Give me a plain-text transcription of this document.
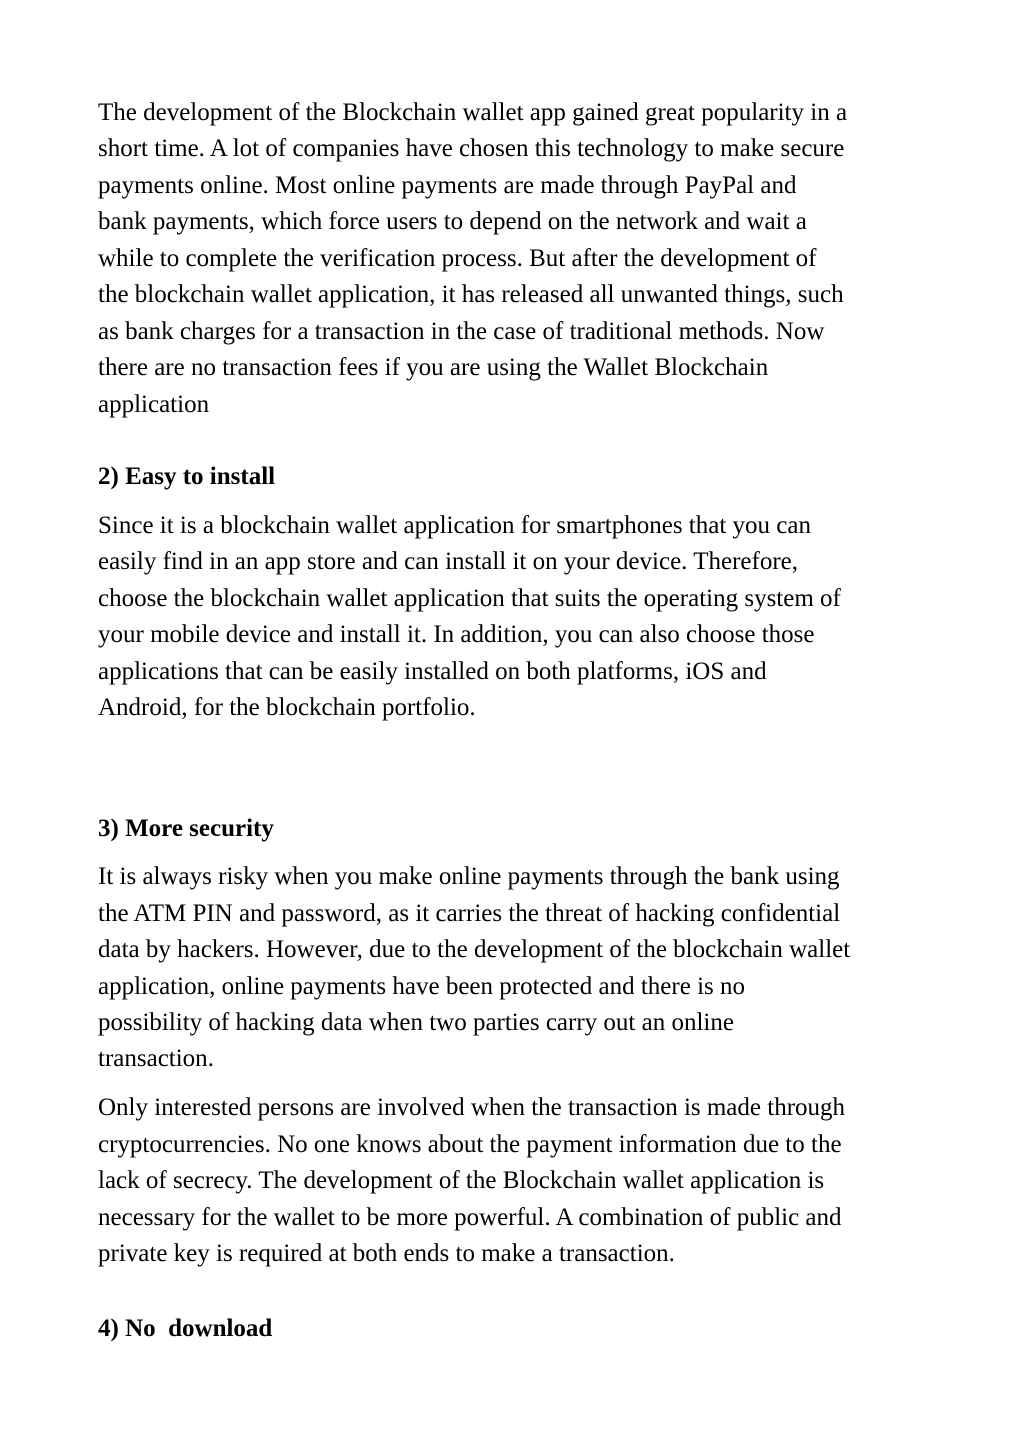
The development of the Blockchain wallet app gained great popularity in a
short time. A lot of companies have chosen this technology to make secure
payments online. Most online payments are made through PayPal and
bank payments, which force users to depend on the network and wait a
while to complete the verification process. But after the development of
the blockchain wallet application, it has released all unwanted things, such
as bank charges for a transaction in the case of traditional methods. Now
there are no transaction fees if you are using the Wallet Blockchain
application
2) Easy to install
Since it is a blockchain wallet application for smartphones that you can
easily find in an app store and can install it on your device. Therefore,
choose the blockchain wallet application that suits the operating system of
your mobile device and install it. In addition, you can also choose those
applications that can be easily installed on both platforms, iOS and
Android, for the blockchain portfolio.
3) More security
It is always risky when you make online payments through the bank using
the ATM PIN and password, as it carries the threat of hacking confidential
data by hackers. However, due to the development of the blockchain wallet
application, online payments have been protected and there is no
possibility of hacking data when two parties carry out an online
transaction.
Only interested persons are involved when the transaction is made through
cryptocurrencies. No one knows about the payment information due to the
lack of secrecy. The development of the Blockchain wallet application is
necessary for the wallet to be more powerful. A combination of public and
private key is required at both ends to make a transaction.
4) No  download
